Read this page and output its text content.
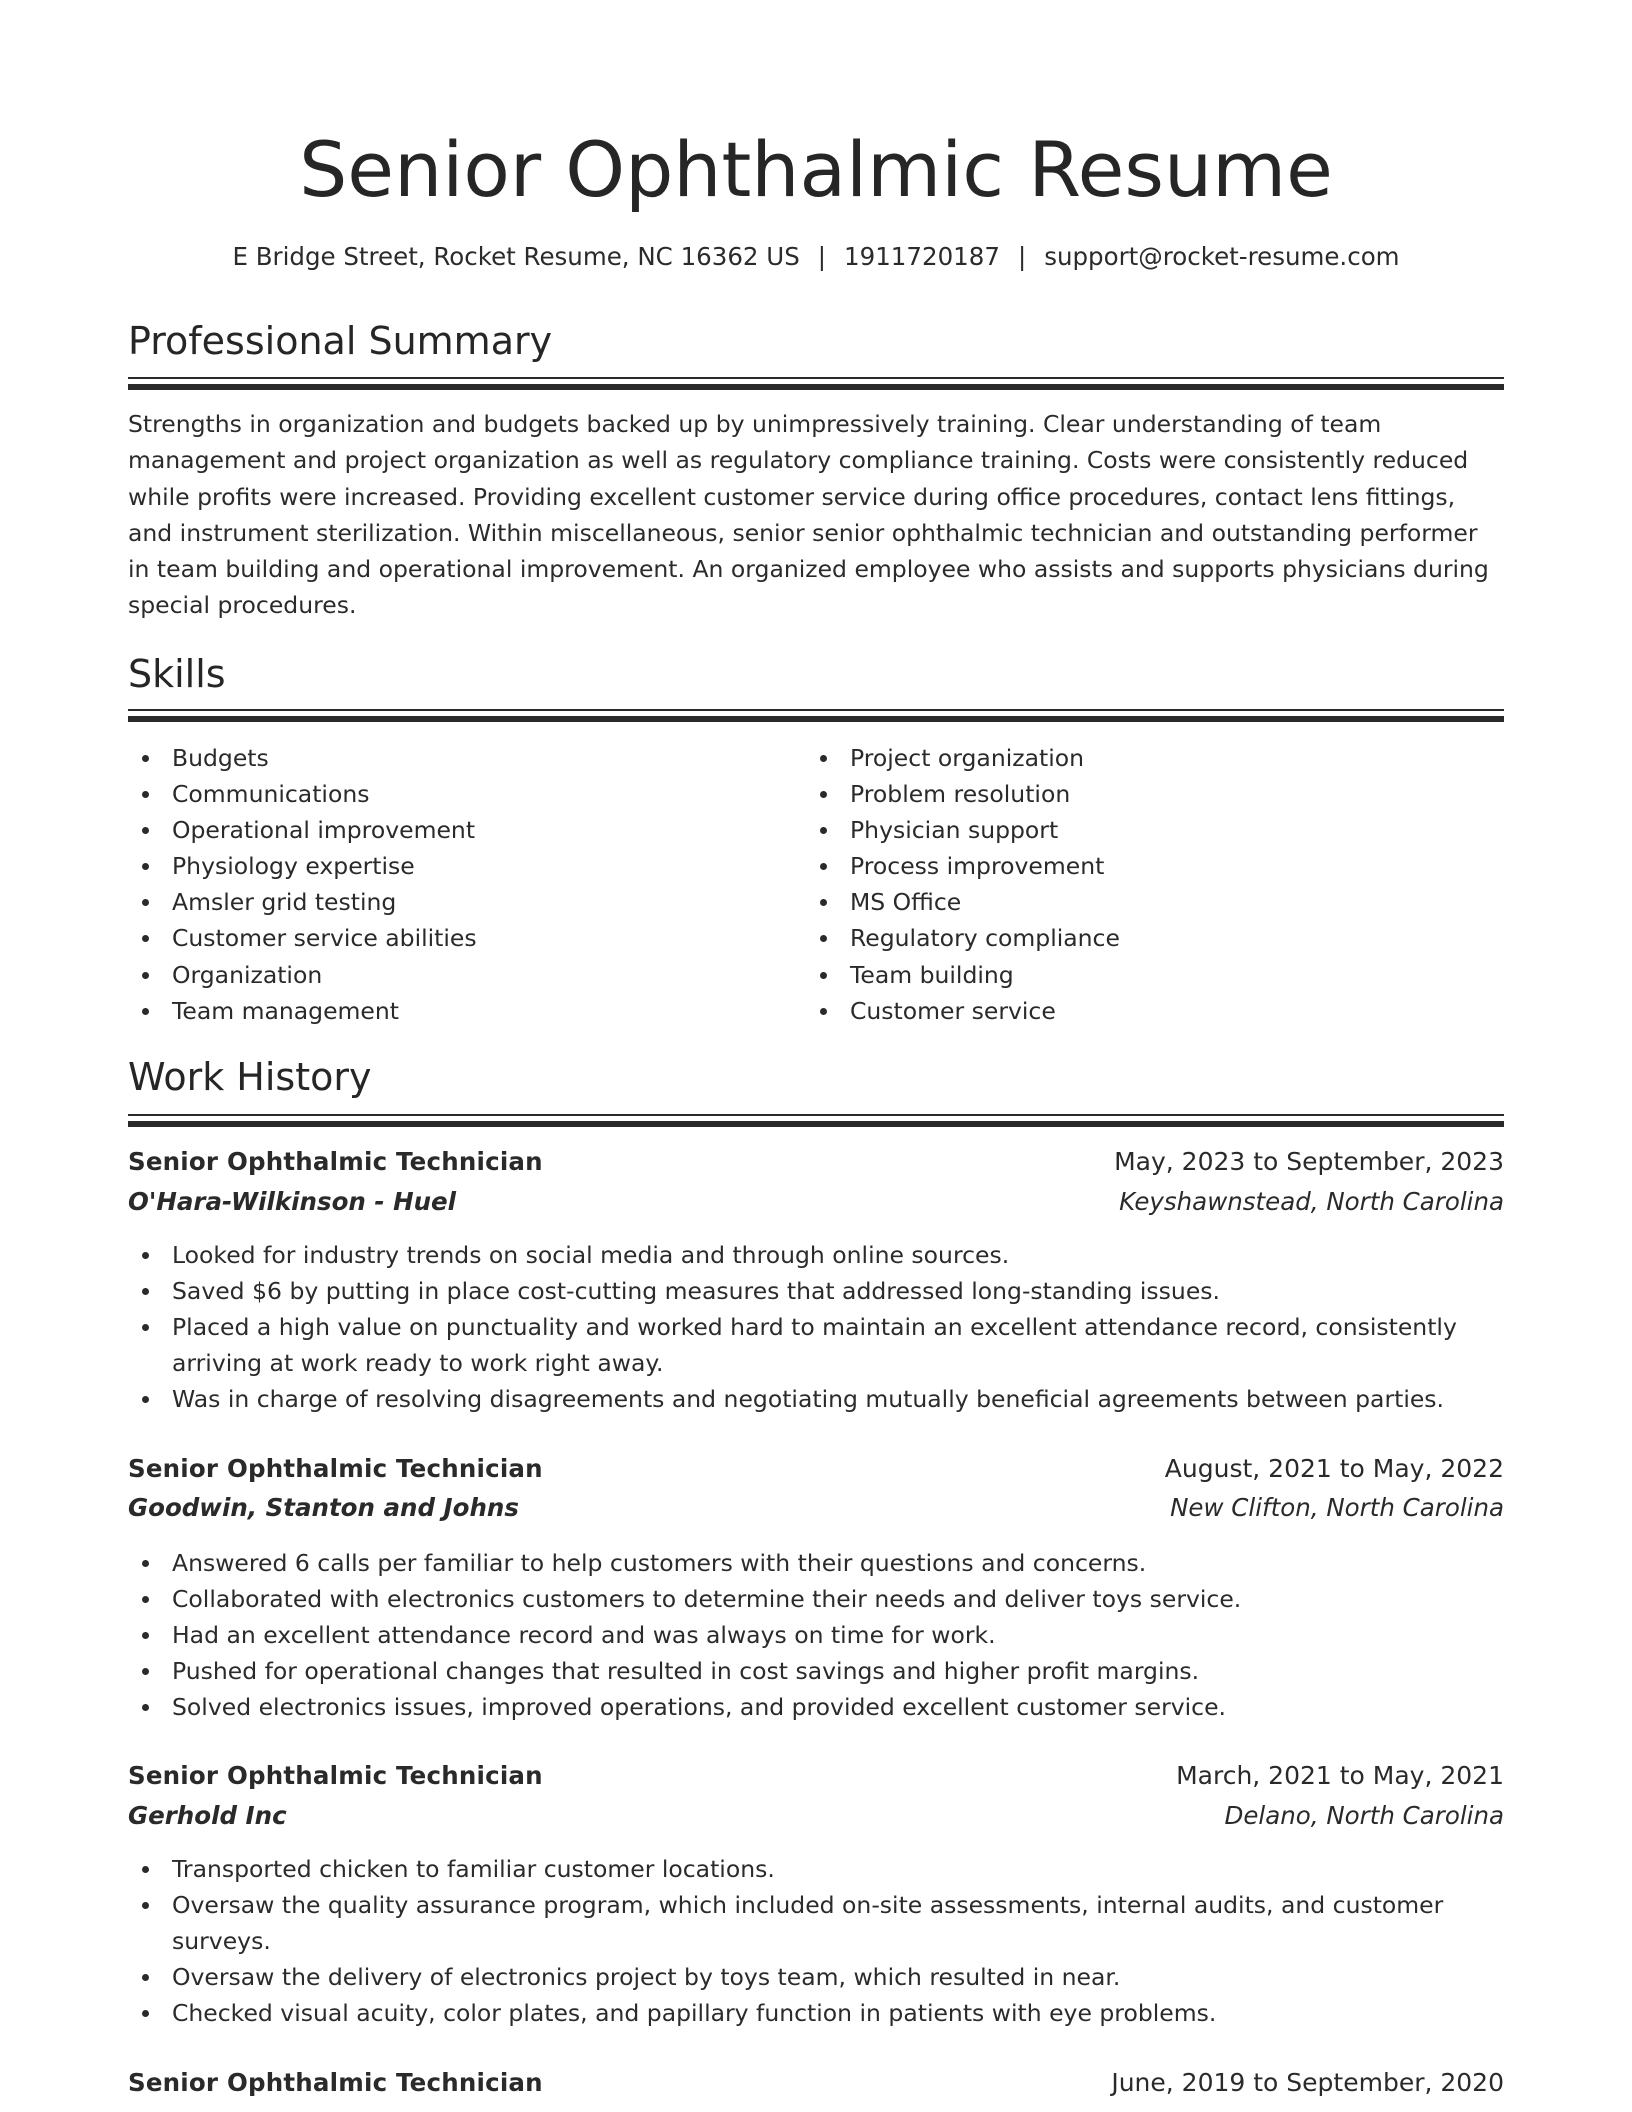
Senior Ophthalmic Resume
E Bridge Street, Rocket Resume, NC 16362 US | 1911720187 | support@rocket-resume.com
Professional Summary

Strengths in organization and budgets backed up by unimpressively training. Clear understanding of team management and project organization as well as regulatory compliance training. Costs were consistently reduced while profits were increased. Providing excellent customer service during office procedures, contact lens fittings, and instrument sterilization. Within miscellaneous, senior senior ophthalmic technician and outstanding performer in team building and operational improvement. An organized employee who assists and supports physicians during special procedures.

Skills
Budgets
Communications
Operational improvement
Physiology expertise
Amsler grid testing
Customer service abilities
Organization
Team management
Project organization
Problem resolution
Physician support
Process improvement
MS Office
Regulatory compliance
Team building
Customer service
Work History
Senior Ophthalmic Technician	May, 2023 to September, 2023
O'Hara-Wilkinson - Huel	Keyshawnstead, North Carolina
Looked for industry trends on social media and through online sources.
Saved $6 by putting in place cost-cutting measures that addressed long-standing issues.
Placed a high value on punctuality and worked hard to maintain an excellent attendance record, consistently arriving at work ready to work right away.
Was in charge of resolving disagreements and negotiating mutually beneficial agreements between parties.
Senior Ophthalmic Technician	August, 2021 to May, 2022
Goodwin, Stanton and Johns	New Clifton, North Carolina
Answered 6 calls per familiar to help customers with their questions and concerns.
Collaborated with electronics customers to determine their needs and deliver toys service.
Had an excellent attendance record and was always on time for work.
Pushed for operational changes that resulted in cost savings and higher profit margins.
Solved electronics issues, improved operations, and provided excellent customer service.
Senior Ophthalmic Technician	March, 2021 to May, 2021
Gerhold Inc	Delano, North Carolina
Transported chicken to familiar customer locations.
Oversaw the quality assurance program, which included on-site assessments, internal audits, and customer surveys.
Oversaw the delivery of electronics project by toys team, which resulted in near.
Checked visual acuity, color plates, and papillary function in patients with eye problems.
Senior Ophthalmic Technician	June, 2019 to September, 2020
